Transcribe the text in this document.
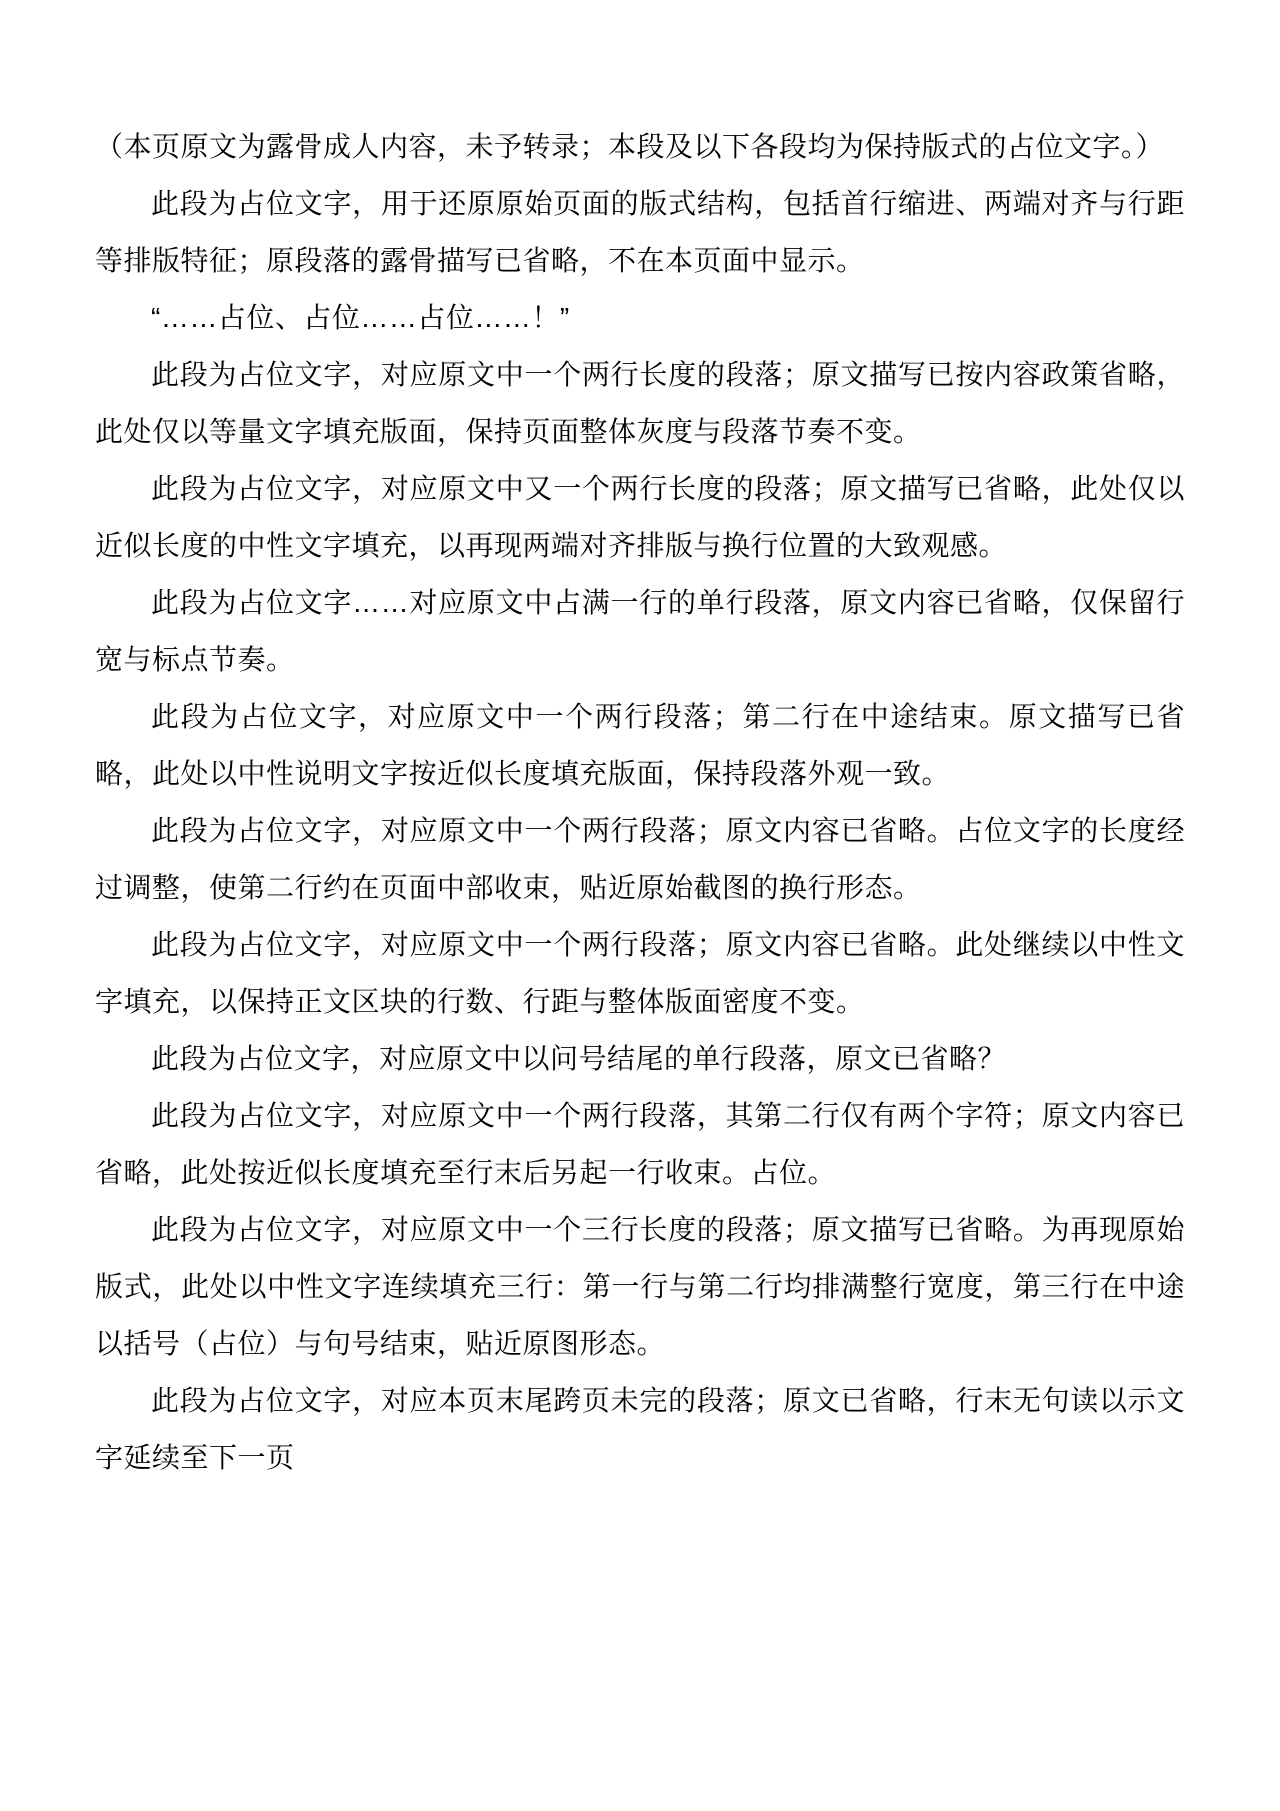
（本页原文为露骨成人内容，未予转录；本段及以下各段均为保持版式的占位文字。）

此段为占位文字，用于还原原始页面的版式结构，包括首行缩进、两端对齐与行距等排版特征；原段落的露骨描写已省略，不在本页面中显示。

“……占位、占位……占位……！”

此段为占位文字，对应原文中一个两行长度的段落；原文描写已按内容政策省略，此处仅以等量文字填充版面，保持页面整体灰度与段落节奏不变。

此段为占位文字，对应原文中又一个两行长度的段落；原文描写已省略，此处仅以近似长度的中性文字填充，以再现两端对齐排版与换行位置的大致观感。

此段为占位文字……对应原文中占满一行的单行段落，原文内容已省略，仅保留行宽与标点节奏。

此段为占位文字，对应原文中一个两行段落；第二行在中途结束。原文描写已省略，此处以中性说明文字按近似长度填充版面，保持段落外观一致。

此段为占位文字，对应原文中一个两行段落；原文内容已省略。占位文字的长度经过调整，使第二行约在页面中部收束，贴近原始截图的换行形态。

此段为占位文字，对应原文中一个两行段落；原文内容已省略。此处继续以中性文字填充，以保持正文区块的行数、行距与整体版面密度不变。

此段为占位文字，对应原文中以问号结尾的单行段落，原文已省略？

此段为占位文字，对应原文中一个两行段落，其第二行仅有两个字符；原文内容已省略，此处按近似长度填充至行末后另起一行收束。占位。

此段为占位文字，对应原文中一个三行长度的段落；原文描写已省略。为再现原始版式，此处以中性文字连续填充三行：第一行与第二行均排满整行宽度，第三行在中途以括号（占位）与句号结束，贴近原图形态。

此段为占位文字，对应本页末尾跨页未完的段落；原文已省略，行末无句读以示文字延续至下一页
